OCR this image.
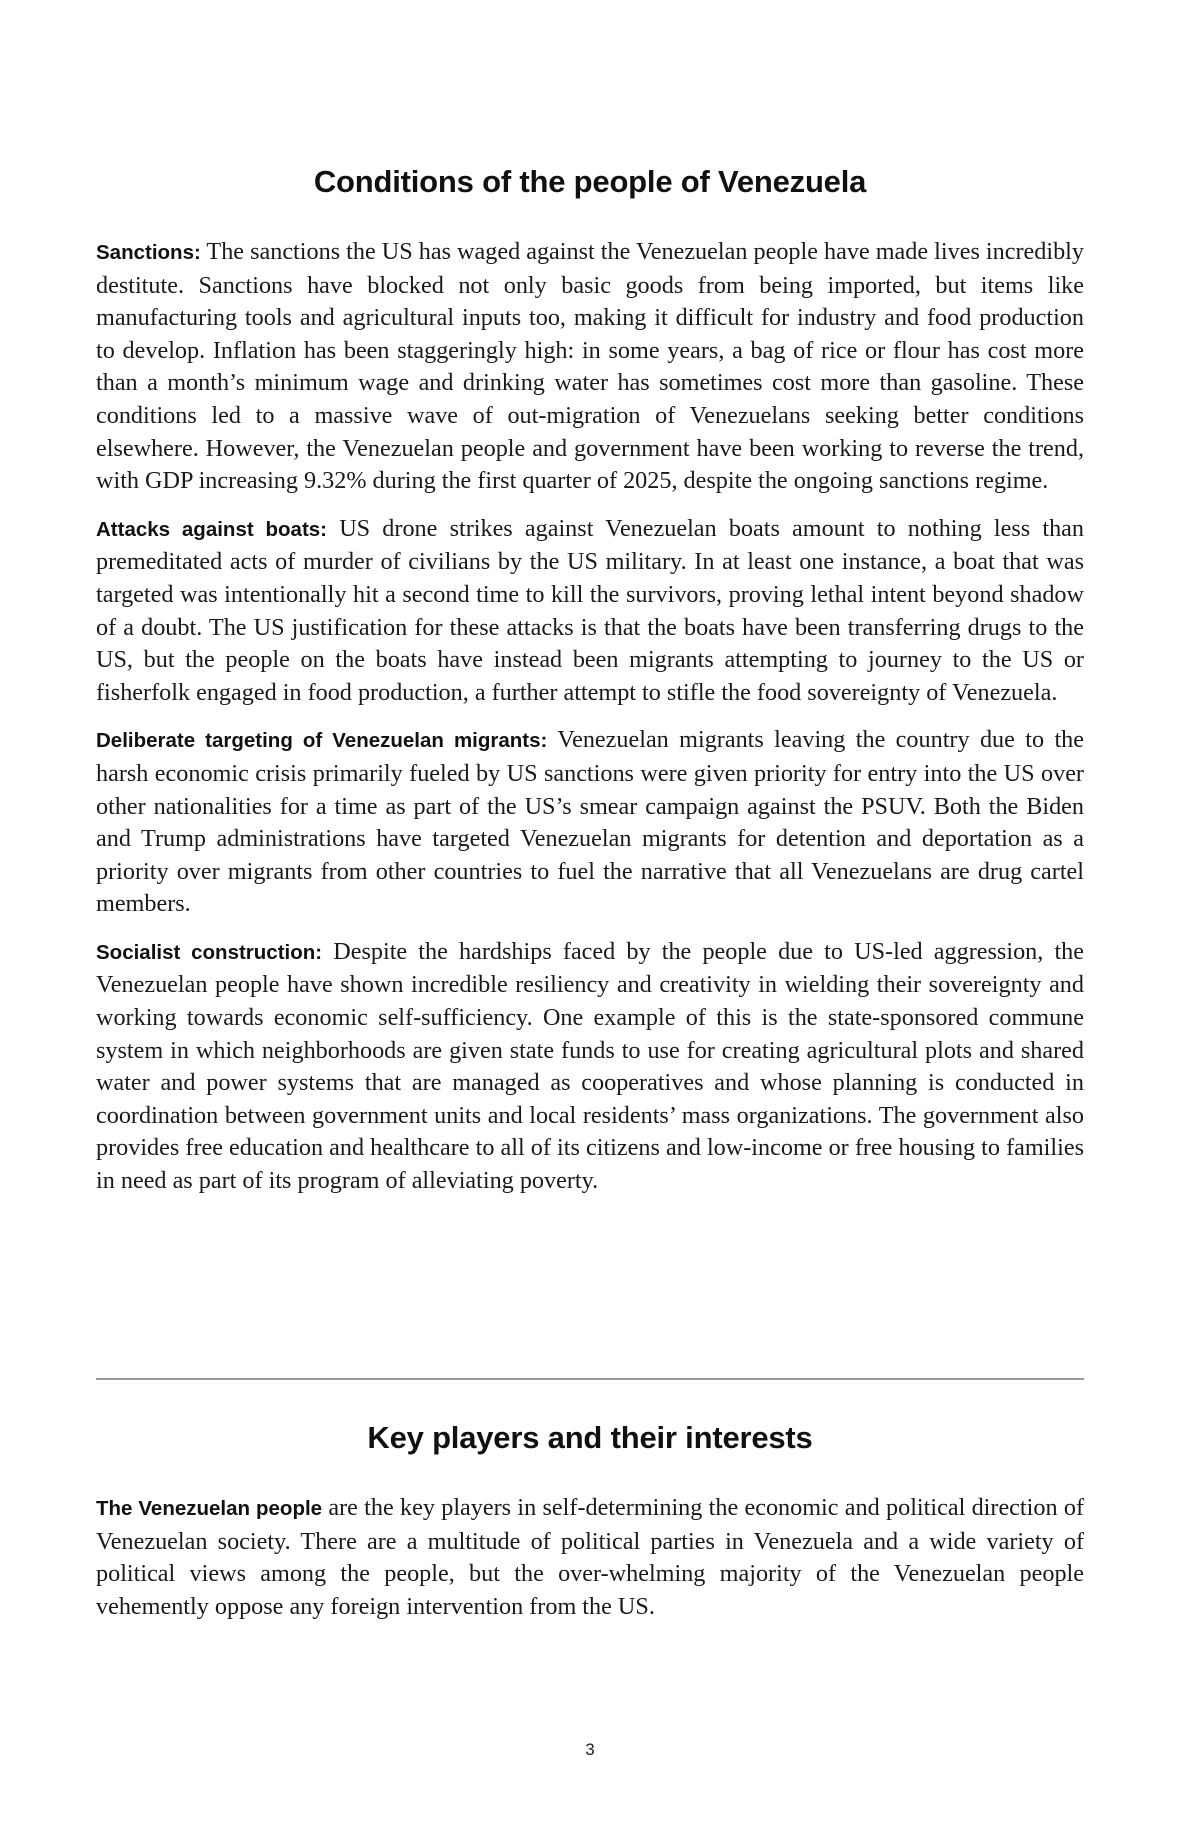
Conditions of the people of Venezuela

Sanctions: The sanctions the US has waged against the Venezuelan people have made lives incredibly destitute. Sanctions have blocked not only basic goods from being imported, but items like manufacturing tools and agricultural inputs too, making it difficult for industry and food production to develop. Inflation has been staggeringly high: in some years, a bag of rice or flour has cost more than a month’s minimum wage and drinking water has sometimes cost more than gasoline. These conditions led to a massive wave of out-migration of Venezuelans seeking better conditions elsewhere. However, the Venezuelan people and government have been working to reverse the trend, with GDP increasing 9.32% during the first quarter of 2025, despite the ongoing sanctions regime.

Attacks against boats: US drone strikes against Venezuelan boats amount to nothing less than premeditated acts of murder of civilians by the US military. In at least one instance, a boat that was targeted was intentionally hit a second time to kill the survivors, proving lethal intent beyond shadow of a doubt. The US justification for these attacks is that the boats have been transferring drugs to the US, but the people on the boats have instead been migrants attempting to journey to the US or fisherfolk engaged in food production, a further attempt to stifle the food sovereignty of Venezuela.

Deliberate targeting of Venezuelan migrants: Venezuelan migrants leaving the country due to the harsh economic crisis primarily fueled by US sanctions were given priority for entry into the US over other nationalities for a time as part of the US’s smear campaign against the PSUV. Both the Biden and Trump administrations have targeted Venezuelan migrants for detention and deportation as a priority over migrants from other countries to fuel the narrative that all Venezuelans are drug cartel members.

Socialist construction: Despite the hardships faced by the people due to US-led aggression, the Venezuelan people have shown incredible resiliency and creativity in wielding their sovereignty and working towards economic self-sufficiency. One example of this is the state-sponsored commune system in which neighborhoods are given state funds to use for creating agricultural plots and shared water and power systems that are managed as cooperatives and whose planning is conducted in coordination between government units and local residents’ mass organizations. The government also provides free education and healthcare to all of its citizens and low-income or free housing to families in need as part of its program of alleviating poverty.

Key players and their interests

The Venezuelan people are the key players in self-determining the economic and political direction of Venezuelan society. There are a multitude of political parties in Venezuela and a wide variety of political views among the people, but the over-whelming majority of the Venezuelan people vehemently oppose any foreign intervention from the US.

3
